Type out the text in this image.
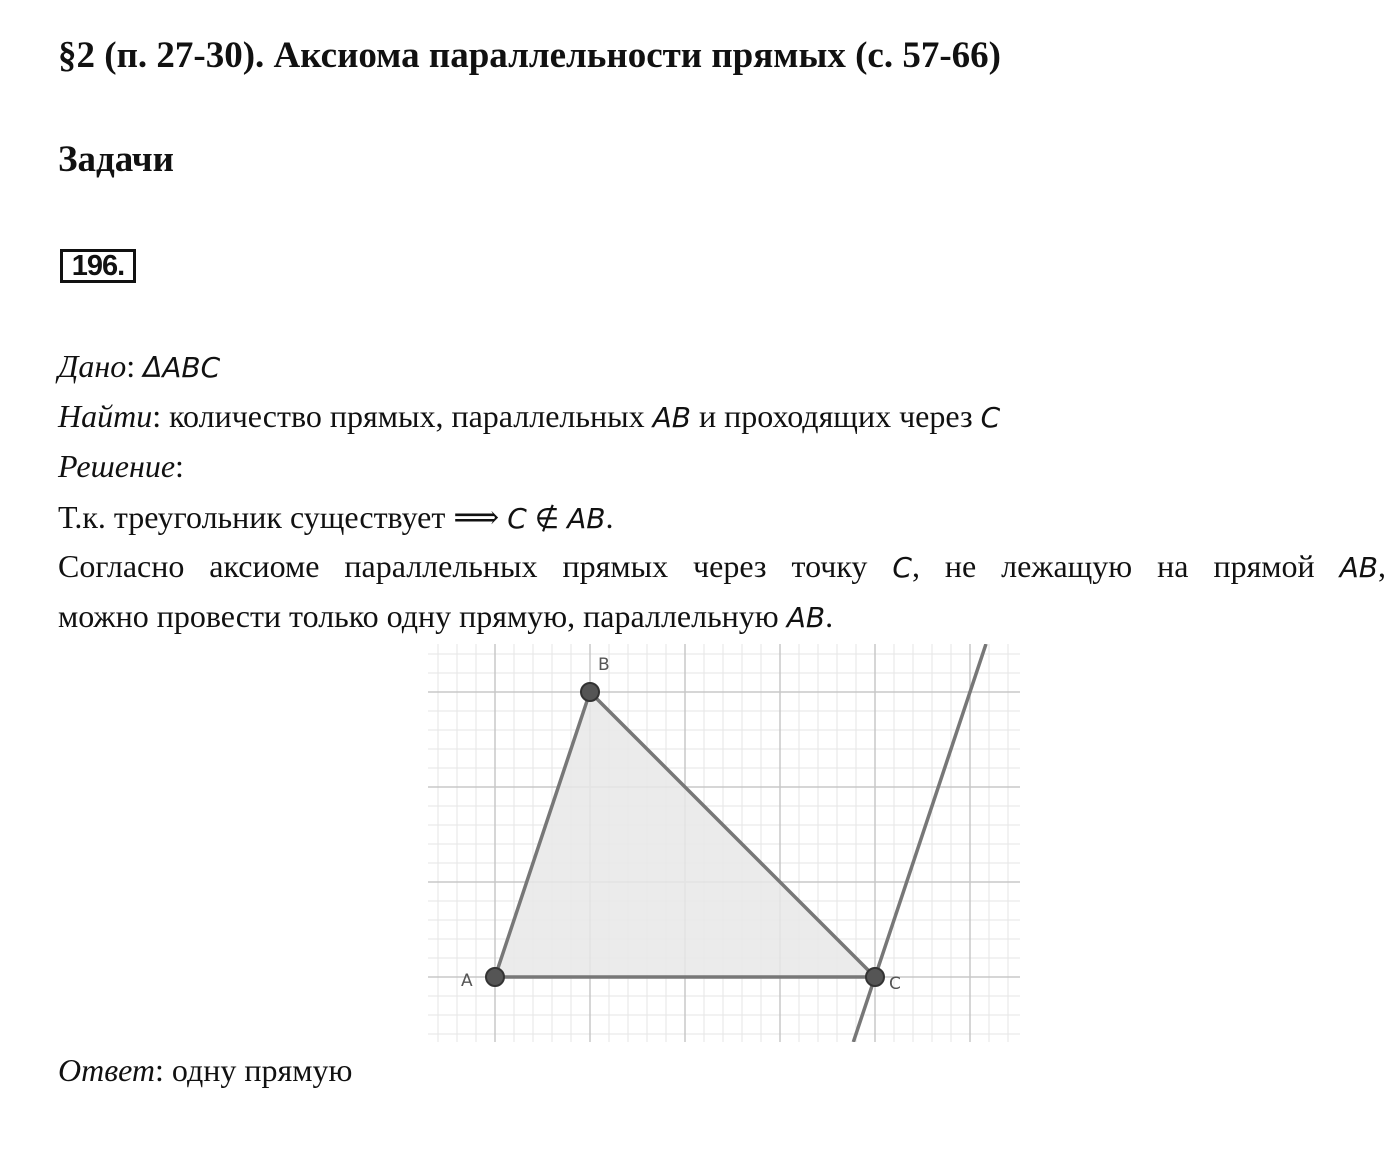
§2 (п. 27-30). Аксиома параллельности прямых (с. 57-66)
Задачи
196.
Дано: ΔABC
Найти: количество прямых, параллельных AB и проходящих через C
Решение:
Т.к. треугольник существует ⟹ C ∉ AB.
Согласно аксиоме параллельных прямых через точку C, не лежащую на прямой AB,
можно провести только одну прямую, параллельную AB.
A
B
C
Ответ: одну прямую
